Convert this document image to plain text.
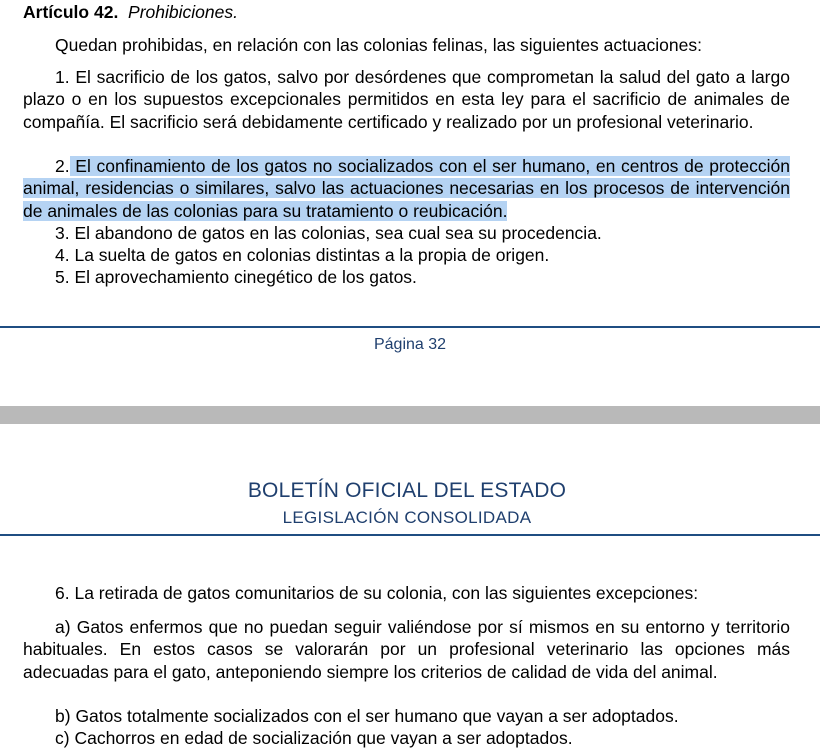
Artículo 42. Prohibiciones.
Quedan prohibidas, en relación con las colonias felinas, las siguientes actuaciones:
1. El sacrificio de los gatos, salvo por desórdenes que comprometan la salud del gato a largo plazo o en los supuestos excepcionales permitidos en esta ley para el sacrificio de animales de compañía. El sacrificio será debidamente certificado y realizado por un profesional veterinario.
2. El confinamiento de los gatos no socializados con el ser humano, en centros de protección animal, residencias o similares, salvo las actuaciones necesarias en los procesos de intervención de animales de las colonias para su tratamiento o reubicación.
3. El abandono de gatos en las colonias, sea cual sea su procedencia.
4. La suelta de gatos en colonias distintas a la propia de origen.
5. El aprovechamiento cinegético de los gatos.
Página 32
BOLETÍN OFICIAL DEL ESTADO
LEGISLACIÓN CONSOLIDADA
6. La retirada de gatos comunitarios de su colonia, con las siguientes excepciones:
a) Gatos enfermos que no puedan seguir valiéndose por sí mismos en su entorno y territorio habituales. En estos casos se valorarán por un profesional veterinario las opciones más adecuadas para el gato, anteponiendo siempre los criterios de calidad de vida del animal.
b) Gatos totalmente socializados con el ser humano que vayan a ser adoptados.
c) Cachorros en edad de socialización que vayan a ser adoptados.
